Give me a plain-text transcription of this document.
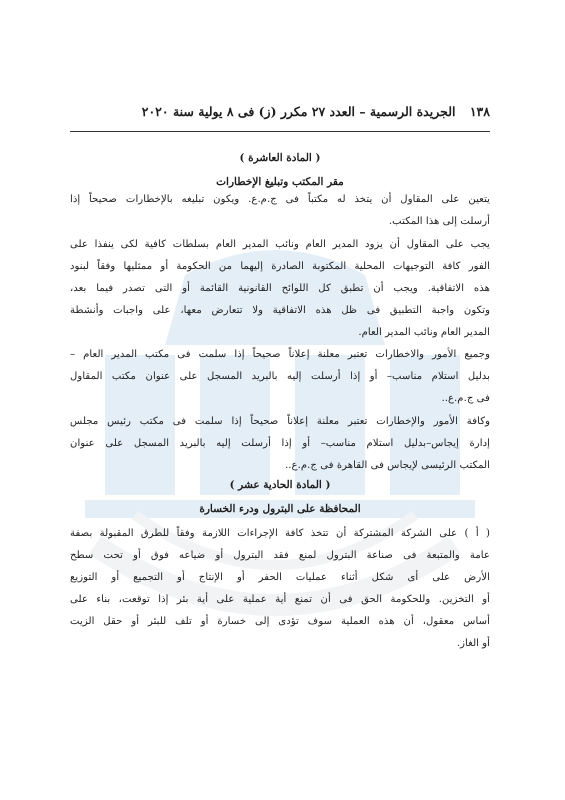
١٣٨ الجريدة الرسمية – العدد ٢٧ مكرر (ز) فى ٨ يولية سنة ٢٠٢٠
( المادة العاشرة )
مقر المكتب وتبليغ الإخطارات
يتعين على المقاول أن يتخذ له مكتباً فى ج.م.ع. ويكون تبليغه بالإخطارات صحيحاً إذا
أرسلت إلى هذا المكتب.
يجب على المقاول أن يزود المدير العام ونائب المدير العام بسلطات كافية لكى ينفذا على
الفور كافة التوجيهات المحلية المكتوبة الصادرة إليهما من الحكومة أو ممثليها وفقاً لبنود
هذه الاتفاقية. ويجب أن تطبق كل اللوائح القانونية القائمة أو التى تصدر فيما بعد،
وتكون واجبة التطبيق فى ظل هذه الاتفاقية ولا تتعارض معها، على واجبات وأنشطة
المدير العام ونائب المدير العام.
وجميع الأمور والاخطارات تعتبر معلنة إعلاناً صحيحاً إذا سلمت فى مكتب المدير العام –
بدليل استلام مناسب– أو إذا أرسلت إليه بالبريد المسجل على عنوان مكتب المقاول
فى ج.م.ع..
وكافة الأمور والإخطارات تعتبر معلنة إعلاناً صحيحاً إذا سلمت فى مكتب رئيس مجلس
إدارة إيجاس–بدليل استلام مناسب– أو إذا أرسلت إليه بالبريد المسجل على عنوان
المكتب الرئيسى لإيجاس فى القاهرة فى ج.م.ع..
( المادة الحادية عشر )
المحافظة على البترول ودرء الخسارة
( أ ) على الشركة المشتركة أن تتخذ كافة الإجراءات اللازمة وفقاً للطرق المقبولة بصفة
عامة والمتبعة فى صناعة البترول لمنع فقد البترول أو ضياعه فوق أو تحت سطح
الأرض على أى شكل أثناء عمليات الحفر أو الإنتاج أو التجميع أو التوزيع
أو التخزين. وللحكومة الحق فى أن تمنع أية عملية على أية بئر إذا توقعت، بناء على
أساس معقول، أن هذه العملية سوف تؤدى إلى خسارة أو تلف للبئر أو حقل الزيت
أو الغاز.
